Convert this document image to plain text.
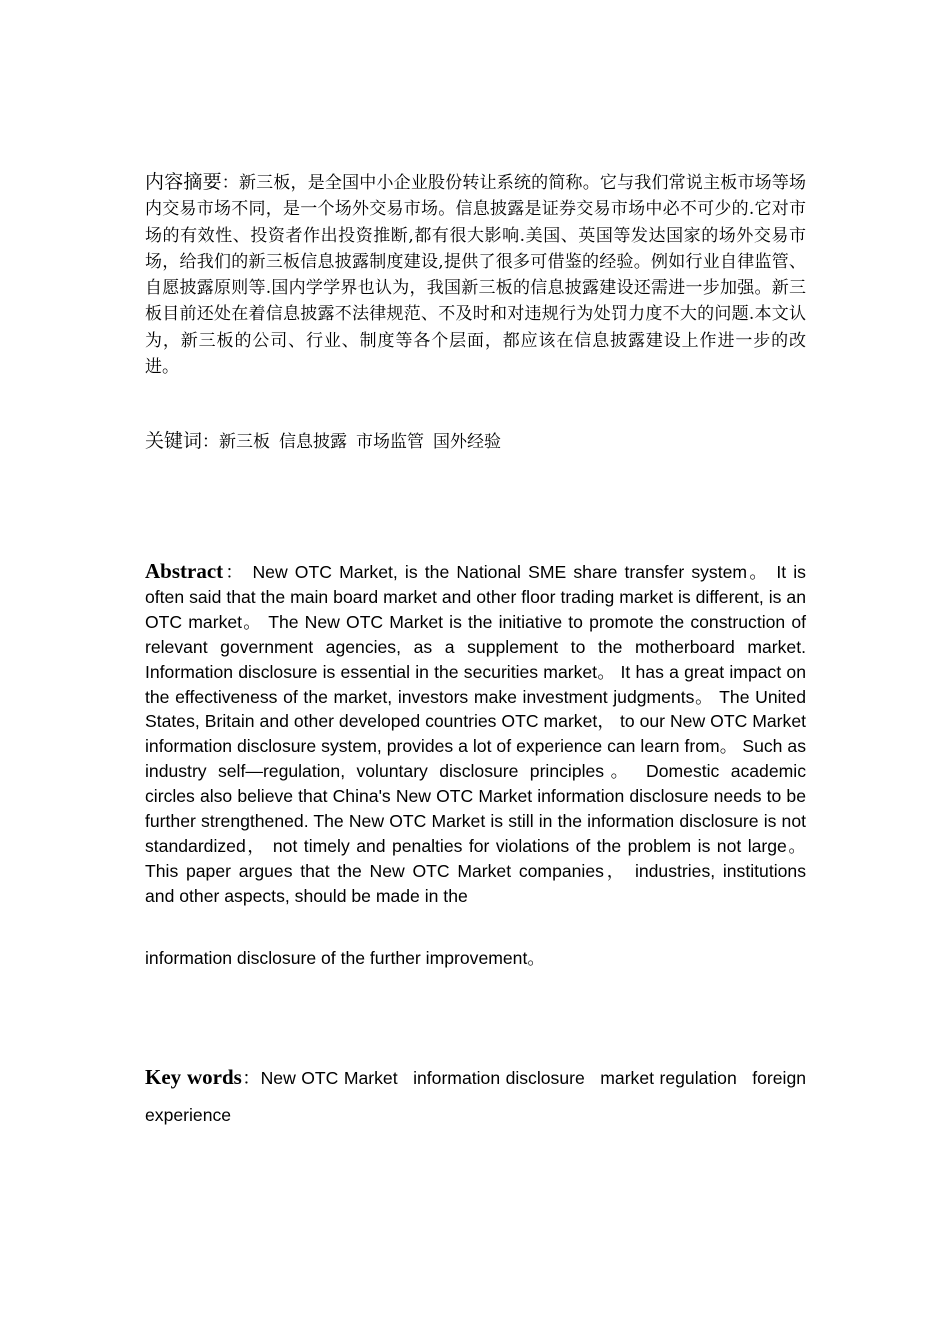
内容摘要：新三板，是全国中小企业股份转让系统的简称。它与我们常说主板市场等场内交易市场不同，是一个场外交易市场。信息披露是证券交易市场中必不可少的.它对市场的有效性、投资者作出投资推断,都有很大影响.美国、英国等发达国家的场外交易市场，给我们的新三板信息披露制度建设,提供了很多可借鉴的经验。例如行业自律监管、自愿披露原则等.国内学学界也认为，我国新三板的信息披露建设还需进一步加强。新三板目前还处在着信息披露不法律规范、不及时和对违规行为处罚力度不大的问题.本文认为，新三板的公司、行业、制度等各个层面，都应该在信息披露建设上作进一步的改进。
关键词：新三板 信息披露 市场监管 国外经验
Abstract： New OTC Market, is the National SME share transfer system。 It is often said that the main board market and other floor trading market is different, is an OTC market。 The New OTC Market is the initiative to promote the construction of relevant government agencies, as a supplement to the motherboard market. Information disclosure is essential in the securities market。 It has a great impact on the effectiveness of the market, investors make investment judgments。 The United States, Britain and other developed countries OTC market， to our New OTC Market information disclosure system, provides a lot of experience can learn from。 Such as industry self—regulation, voluntary disclosure principles。 Domestic academic circles also believe that China's New OTC Market information disclosure needs to be further strengthened. The New OTC Market is still in the information disclosure is not standardized， not timely and penalties for violations of the problem is not large。 This paper argues that the New OTC Market companies， industries, institutions and other aspects, should be made in the
information disclosure of the further improvement。
Key words：New OTC Market information disclosure market regulation foreign experience
